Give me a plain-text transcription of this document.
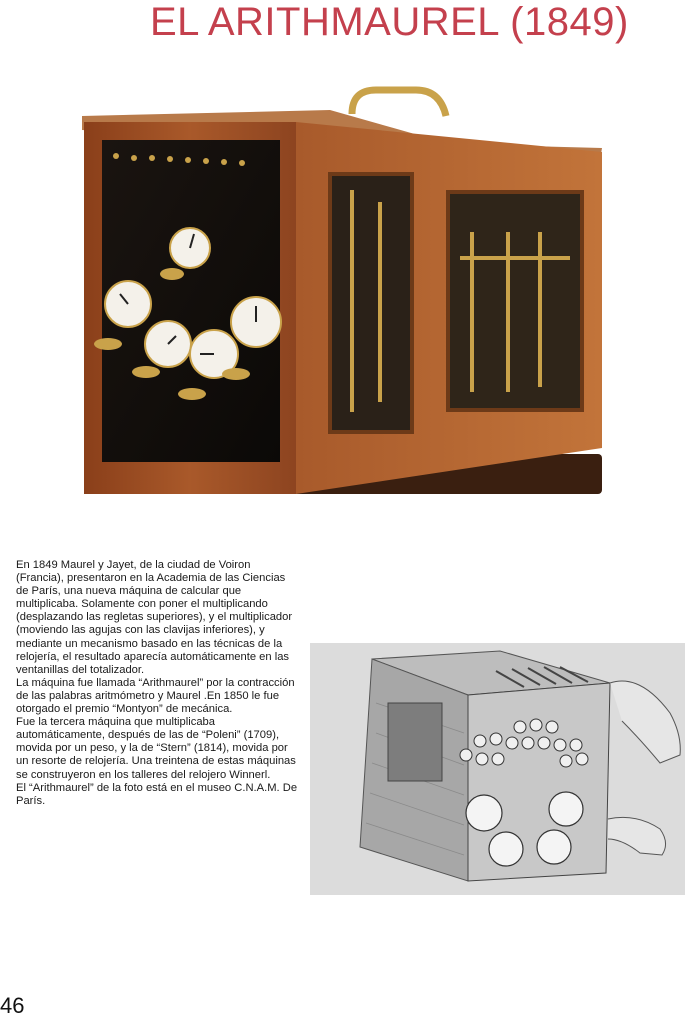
EL ARITHMAUREL (1849)

En 1849 Maurel y Jayet, de la ciudad de Voiron (Francia), presentaron en la Academia de las Ciencias de París, una nueva máquina de calcular que multiplicaba. Solamente con poner el multiplicando (desplazando las regletas superiores), y el multiplicador (moviendo las agujas con las clavijas inferiores), y mediante un mecanismo basado en las técnicas de la relojería, el resultado aparecía automáticamente en las ventanillas del totalizador.

La máquina fue llamada “Arithmaurel” por la contracción de las palabras aritmómetro y Maurel .En 1850 le fue otorgado el premio “Montyon” de mecánica.

Fue la tercera máquina que multiplicaba automáticamente, después de las de “Poleni” (1709), movida por un peso, y la de “Stern” (1814), movida por un resorte de relojería. Una treintena de estas máquinas se construyeron en los talleres del relojero Winnerl.

El “Arithmaurel” de la foto está en el museo C.N.A.M. De París.

46
